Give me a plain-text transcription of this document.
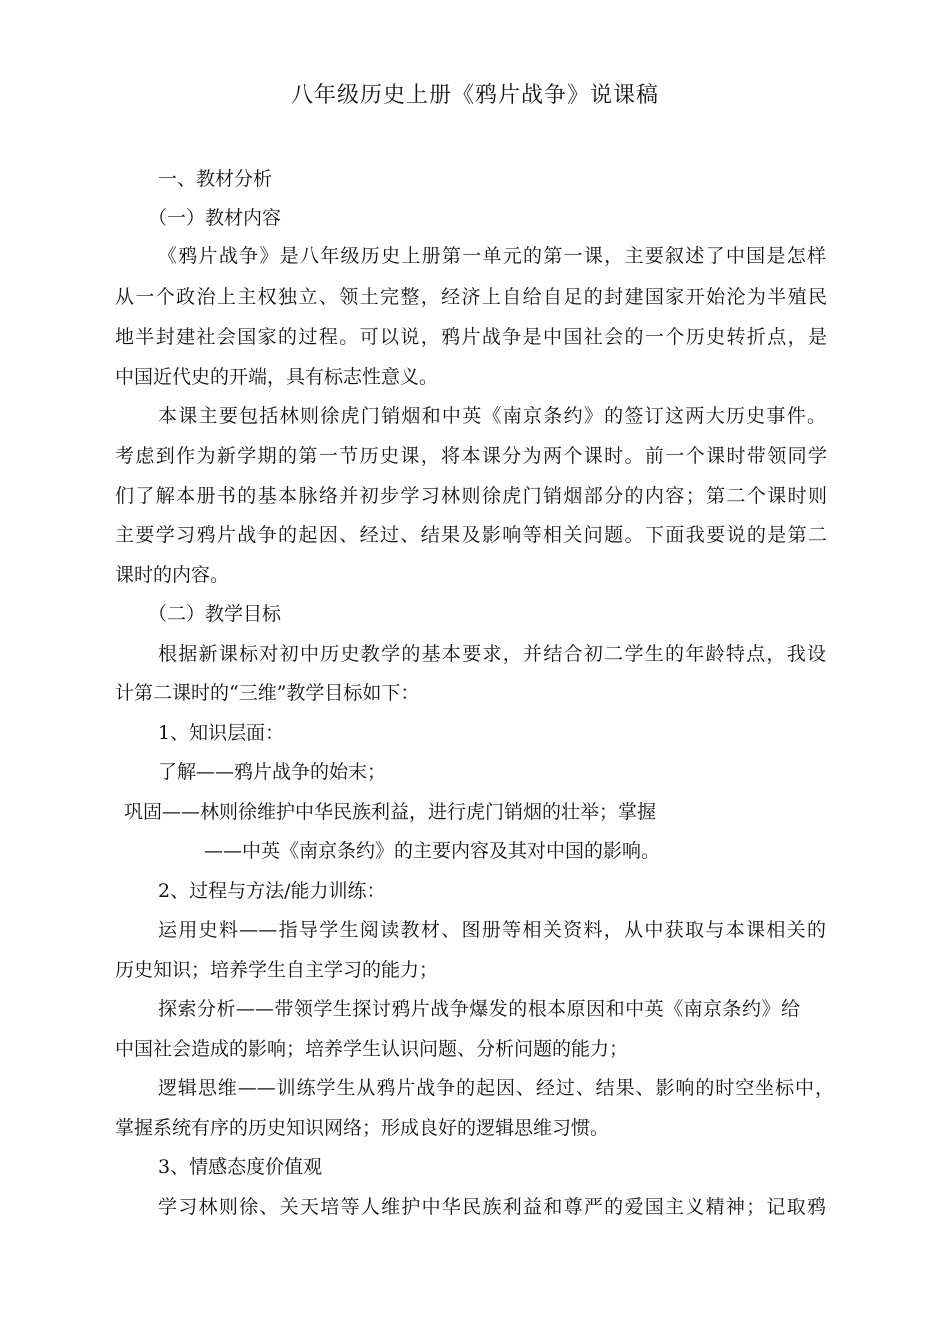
八年级历史上册《鸦片战争》说课稿
一、教材分析
（一）教材内容
《鸦片战争》是八年级历史上册第一单元的第一课，主要叙述了中国是怎样
从一个政治上主权独立、领土完整，经济上自给自足的封建国家开始沦为半殖民
地半封建社会国家的过程。可以说，鸦片战争是中国社会的一个历史转折点，是
中国近代史的开端，具有标志性意义。
本课主要包括林则徐虎门销烟和中英《南京条约》的签订这两大历史事件。
考虑到作为新学期的第一节历史课，将本课分为两个课时。前一个课时带领同学
们了解本册书的基本脉络并初步学习林则徐虎门销烟部分的内容；第二个课时则
主要学习鸦片战争的起因、经过、结果及影响等相关问题。下面我要说的是第二
课时的内容。
（二）教学目标
根据新课标对初中历史教学的基本要求，并结合初二学生的年龄特点，我设
计第二课时的“三维”教学目标如下：
1、知识层面：
了解——鸦片战争的始末；
巩固——林则徐维护中华民族利益，进行虎门销烟的壮举；掌握
——中英《南京条约》的主要内容及其对中国的影响。
2、过程与方法/能力训练：
运用史料——指导学生阅读教材、图册等相关资料，从中获取与本课相关的
历史知识；培养学生自主学习的能力；
探索分析——带领学生探讨鸦片战争爆发的根本原因和中英《南京条约》给
中国社会造成的影响；培养学生认识问题、分析问题的能力；
逻辑思维——训练学生从鸦片战争的起因、经过、结果、影响的时空坐标中，
掌握系统有序的历史知识网络；形成良好的逻辑思维习惯。
3、情感态度价值观
学习林则徐、关天培等人维护中华民族利益和尊严的爱国主义精神；记取鸦
